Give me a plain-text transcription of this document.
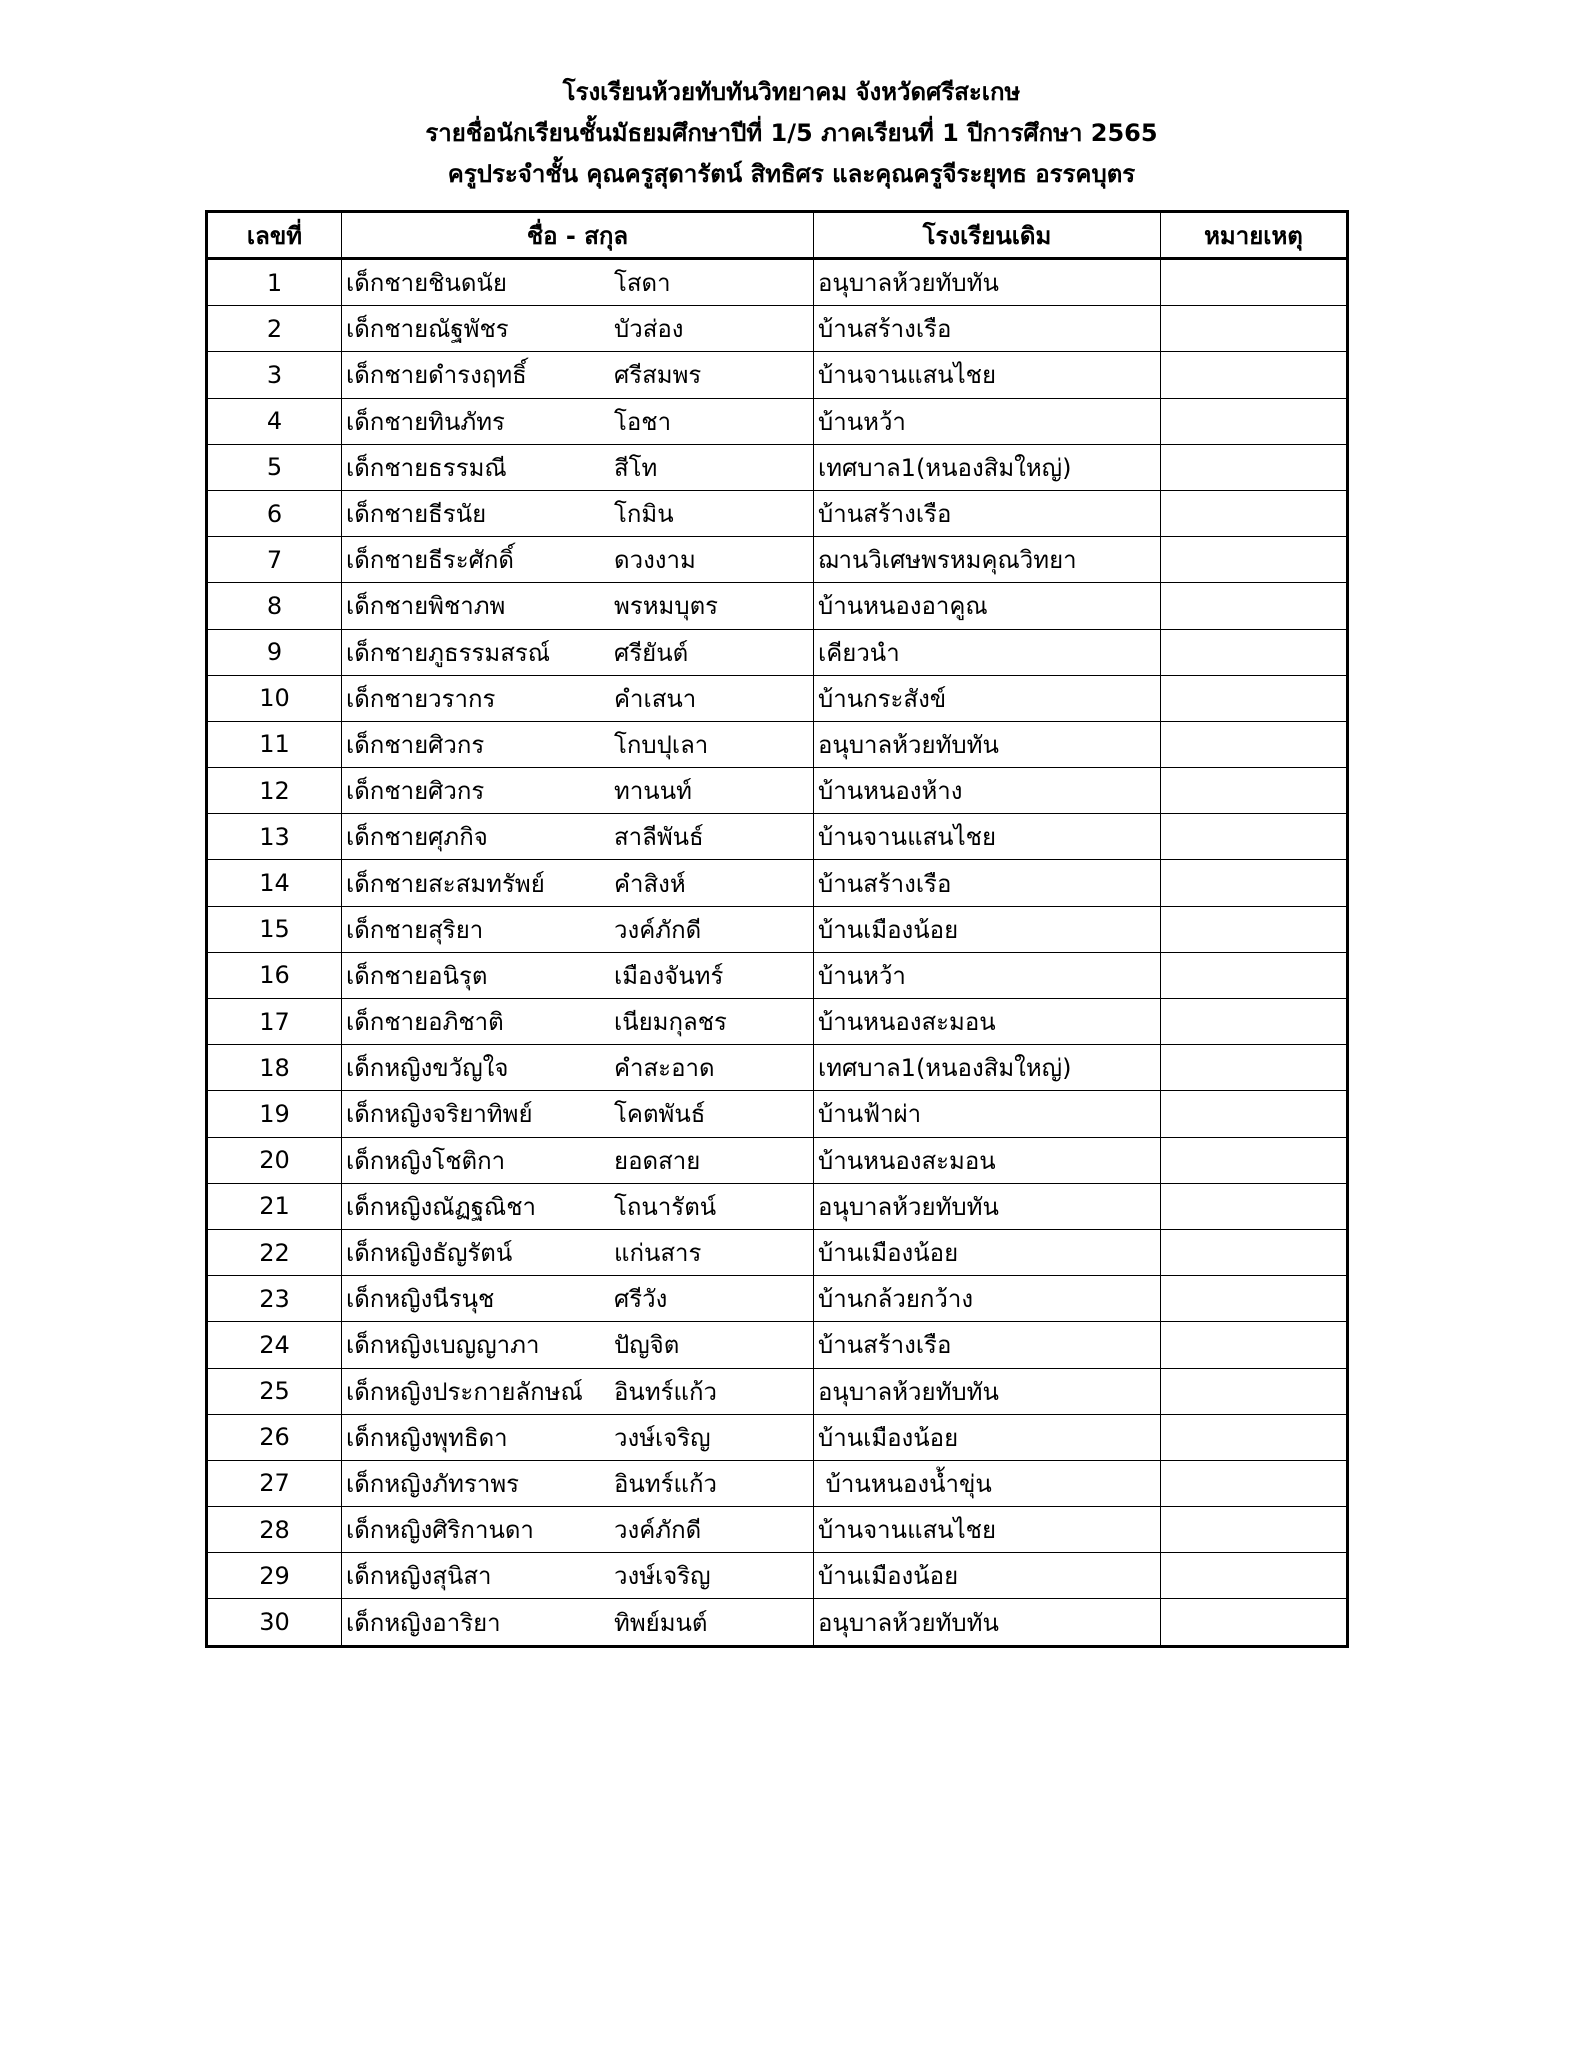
โรงเรียนห้วยทับทันวิทยาคม จังหวัดศรีสะเกษ
รายชื่อนักเรียนชั้นมัธยมศึกษาปีที่ 1/5 ภาคเรียนที่ 1 ปีการศึกษา 2565
ครูประจำชั้น คุณครูสุดารัตน์ สิทธิศร และคุณครูจีระยุทธ อรรคบุตร
เลขที่	ชื่อ - สกุล	โรงเรียนเดิม	หมายเหตุ
1	เด็กชายชินดนัย โสดา	อนุบาลห้วยทับทัน	
2	เด็กชายณัฐพัชร บัวส่อง	บ้านสร้างเรือ	
3	เด็กชายดำรงฤทธิ์ ศรีสมพร	บ้านจานแสนไชย	
4	เด็กชายทินภัทร โอชา	บ้านหว้า	
5	เด็กชายธรรมณี สีโท	เทศบาล1(หนองสิมใหญ่)	
6	เด็กชายธีรนัย โกมิน	บ้านสร้างเรือ	
7	เด็กชายธีระศักดิ์ ดวงงาม	ฌานวิเศษพรหมคุณวิทยา	
8	เด็กชายพิชาภพ พรหมบุตร	บ้านหนองอาคูณ	
9	เด็กชายภูธรรมสรณ์ ศรียันต์	เคียวนำ	
10	เด็กชายวรากร คำเสนา	บ้านกระสังข์	
11	เด็กชายศิวกร โกบปุเลา	อนุบาลห้วยทับทัน	
12	เด็กชายศิวกร ทานนท์	บ้านหนองห้าง	
13	เด็กชายศุภกิจ สาลีพันธ์	บ้านจานแสนไชย	
14	เด็กชายสะสมทรัพย์ คำสิงห์	บ้านสร้างเรือ	
15	เด็กชายสุริยา วงค์ภักดี	บ้านเมืองน้อย	
16	เด็กชายอนิรุต เมืองจันทร์	บ้านหว้า	
17	เด็กชายอภิชาติ เนียมกุลชร	บ้านหนองสะมอน	
18	เด็กหญิงขวัญใจ คำสะอาด	เทศบาล1(หนองสิมใหญ่)	
19	เด็กหญิงจริยาทิพย์ โคตพันธ์	บ้านฟ้าผ่า	
20	เด็กหญิงโชติกา ยอดสาย	บ้านหนองสะมอน	
21	เด็กหญิงณัฏฐณิชา โถนารัตน์	อนุบาลห้วยทับทัน	
22	เด็กหญิงธัญรัตน์ แก่นสาร	บ้านเมืองน้อย	
23	เด็กหญิงนีรนุช ศรีวัง	บ้านกล้วยกว้าง	
24	เด็กหญิงเบญญาภา ปัญจิต	บ้านสร้างเรือ	
25	เด็กหญิงประกายลักษณ์ อินทร์แก้ว	อนุบาลห้วยทับทัน	
26	เด็กหญิงพุทธิดา วงษ์เจริญ	บ้านเมืองน้อย	
27	เด็กหญิงภัทราพร อินทร์แก้ว	บ้านหนองน้ำขุ่น	
28	เด็กหญิงศิริกานดา วงค์ภักดี	บ้านจานแสนไชย	
29	เด็กหญิงสุนิสา วงษ์เจริญ	บ้านเมืองน้อย	
30	เด็กหญิงอาริยา ทิพย์มนต์	อนุบาลห้วยทับทัน	
